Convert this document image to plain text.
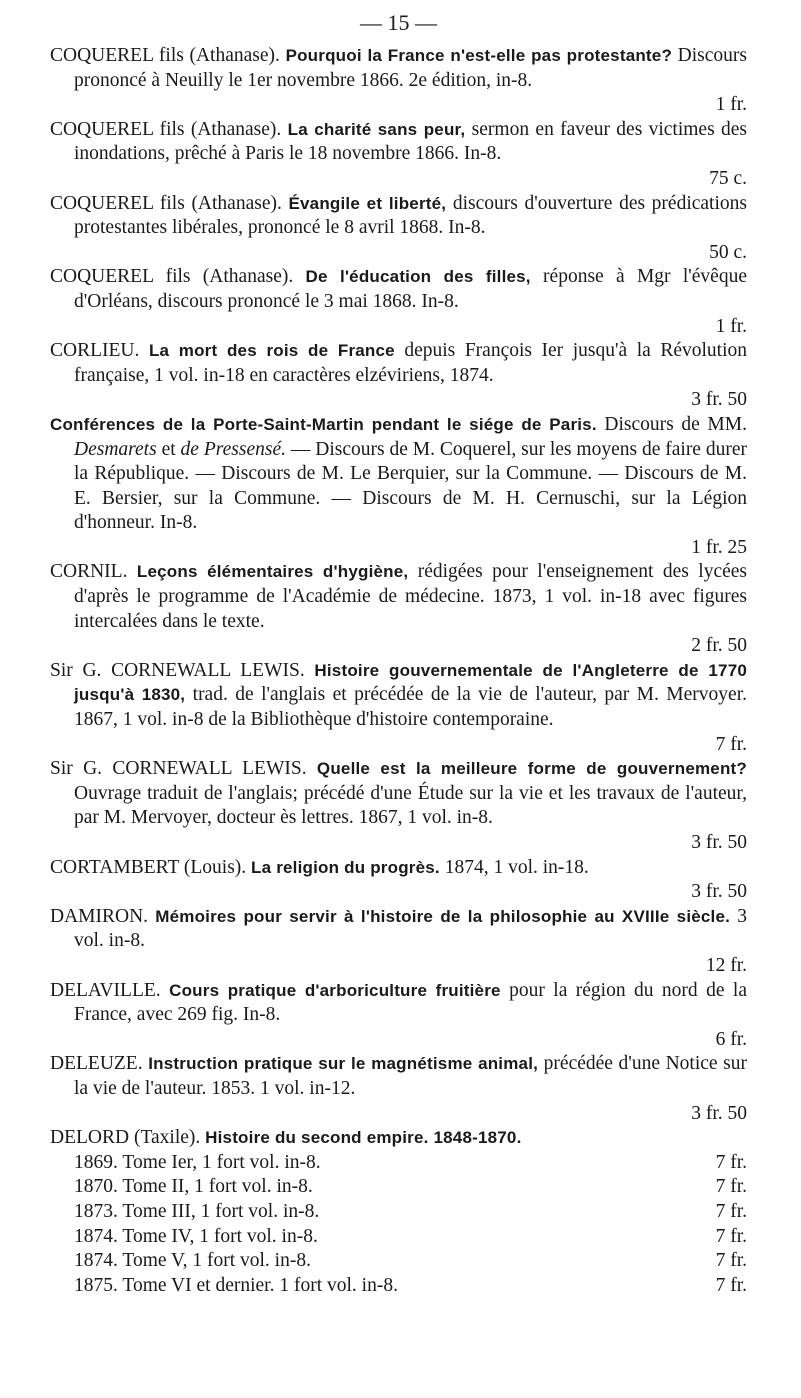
— 15 —

COQUEREL fils (Athanase). Pourquoi la France n'est-elle pas protestante? Discours prononcé à Neuilly le 1er novembre 1866. 2e édition, in-8.
1 fr.

COQUEREL fils (Athanase). La charité sans peur, sermon en faveur des victimes des inondations, prêché à Paris le 18 novembre 1866. In-8.
75 c.

COQUEREL fils (Athanase). Évangile et liberté, discours d'ouverture des prédications protestantes libérales, prononcé le 8 avril 1868. In-8.
50 c.

COQUEREL fils (Athanase). De l'éducation des filles, réponse à Mgr l'évêque d'Orléans, discours prononcé le 3 mai 1868. In-8.
1 fr.

CORLIEU. La mort des rois de France depuis François Ier jusqu'à la Révolution française, 1 vol. in-18 en caractères elzéviriens, 1874.
3 fr. 50

Conférences de la Porte-Saint-Martin pendant le siége de Paris. Discours de MM. Desmarets et de Pressensé. — Discours de M. Coquerel, sur les moyens de faire durer la République. — Discours de M. Le Berquier, sur la Commune. — Discours de M. E. Bersier, sur la Commune. — Discours de M. H. Cernuschi, sur la Légion d'honneur. In-8.
1 fr. 25

CORNIL. Leçons élémentaires d'hygiène, rédigées pour l'enseignement des lycées d'après le programme de l'Académie de médecine. 1873, 1 vol. in-18 avec figures intercalées dans le texte.
2 fr. 50

Sir G. CORNEWALL LEWIS. Histoire gouvernementale de l'Angleterre de 1770 jusqu'à 1830, trad. de l'anglais et précédée de la vie de l'auteur, par M. Mervoyer. 1867, 1 vol. in-8 de la Bibliothèque d'histoire contemporaine.
7 fr.

Sir G. CORNEWALL LEWIS. Quelle est la meilleure forme de gouvernement? Ouvrage traduit de l'anglais; précédé d'une Étude sur la vie et les travaux de l'auteur, par M. Mervoyer, docteur ès lettres. 1867, 1 vol. in-8.
3 fr. 50

CORTAMBERT (Louis). La religion du progrès. 1874, 1 vol. in-18.
3 fr. 50

DAMIRON. Mémoires pour servir à l'histoire de la philosophie au XVIIIe siècle. 3 vol. in-8.
12 fr.

DELAVILLE. Cours pratique d'arboriculture fruitière pour la région du nord de la France, avec 269 fig. In-8.
6 fr.

DELEUZE. Instruction pratique sur le magnétisme animal, précédée d'une Notice sur la vie de l'auteur. 1853. 1 vol. in-12.
3 fr. 50

DELORD (Taxile). Histoire du second empire. 1848-1870.

1869. Tome Ier, 1 fort vol. in-8.	7 fr.
1870. Tome II, 1 fort vol. in-8.	7 fr.
1873. Tome III, 1 fort vol. in-8.	7 fr.
1874. Tome IV, 1 fort vol. in-8.	7 fr.
1874. Tome V, 1 fort vol. in-8.	7 fr.
1875. Tome VI et dernier. 1 fort vol. in-8.	7 fr.
